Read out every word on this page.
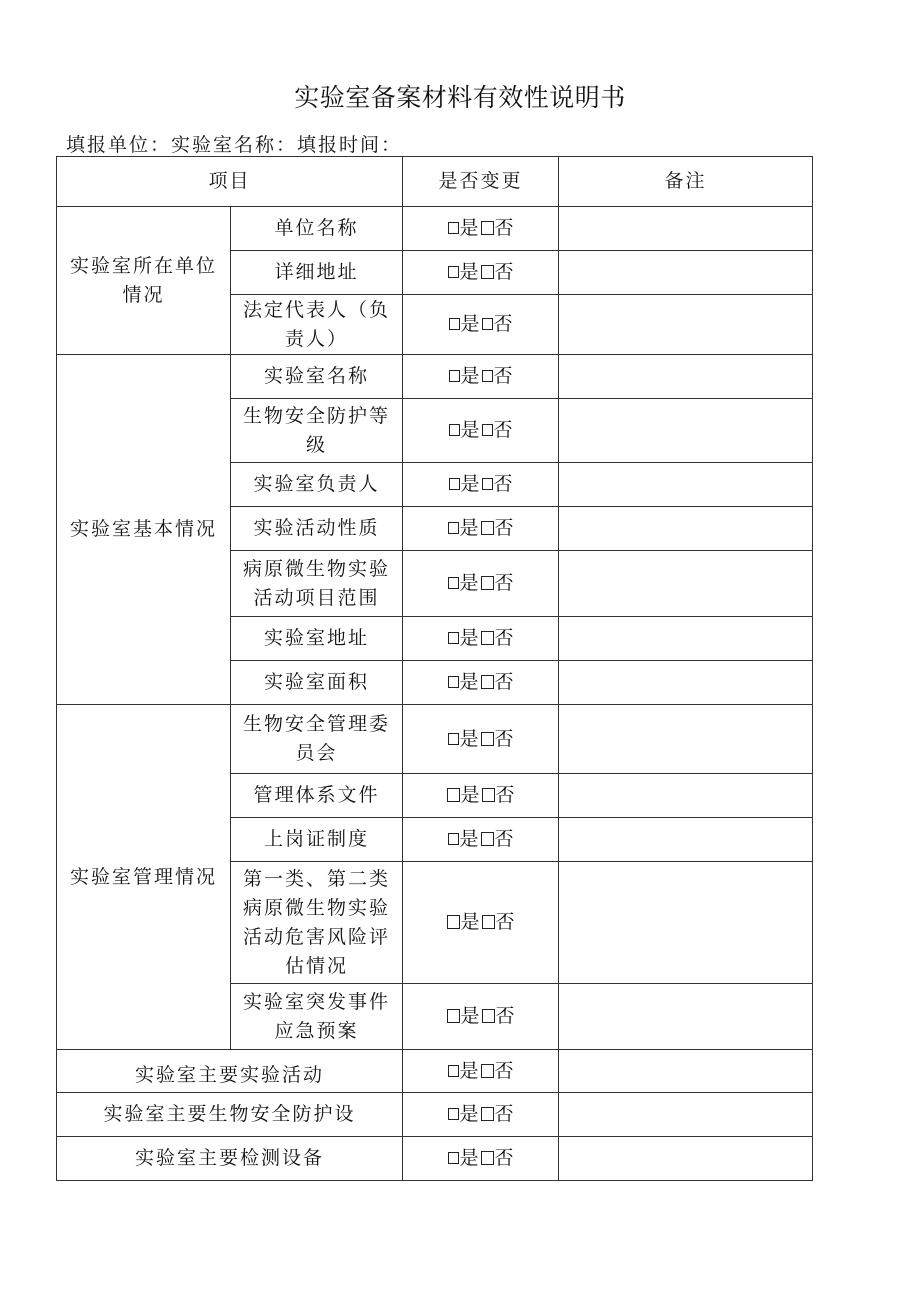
实验室备案材料有效性说明书
填报单位：实验室名称：填报时间：
项目		是否变更	备注
实验室所在单位情况	单位名称	是 否	
	详细地址	是 否	
	法定代表人（负责人）	是 否	
实验室基本情况	实验室名称	是 否	
	生物安全防护等级	是 否	
	实验室负责人	是 否	
	实验活动性质	是 否	
	病原微生物实验活动项目范围	是 否	
	实验室地址	是 否	
	实验室面积	是 否	
实验室管理情况	生物安全管理委员会	是 否	
	管理体系文件	是 否	
	上岗证制度	是 否	
	第一类、第二类病原微生物实验活动危害风险评估情况	是 否	
	实验室突发事件应急预案	是 否	
实验室主要实验活动		是 否	
实验室主要生物安全防护设		是 否	
实验室主要检测设备		是 否	
